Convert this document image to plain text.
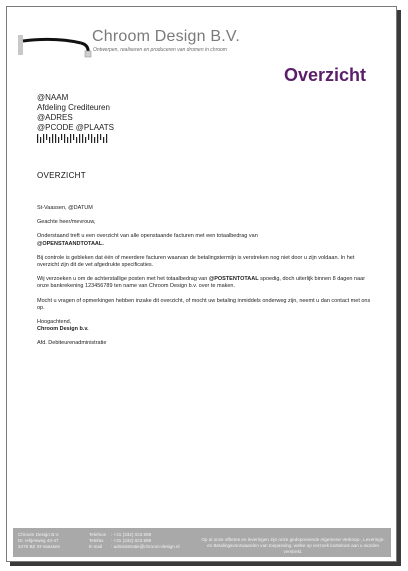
Chroom Design B.V.
Ontwerpen, realiseren en produceren van dromen in chroom
Overzicht
@NAAM
Afdeling Crediteuren
@ADRES
@PCODE @PLAATS
OVERZICHT

St-Vaassen, @DATUM

Geachte heer/mevrouw,

Onderstaand treft u een overzicht van alle openstaande facturen met een totaalbedrag van
@OPENSTAANDTOTAAL.

Bij controle is gebleken dat één of meerdere facturen waarvan de betalingstermijn is verstreken nog niet door u zijn voldaan. In het overzicht zijn dit de vet afgedrukte specificaties.

Wij verzoeken u om de achterstallige posten met het totaalbedrag van @POSTENTOTAAL spoedig, doch uiterlijk binnen 8 dagen naar onze bankrekening 123456789 ten name van Chroom Design b.v. over te maken.

Mocht u vragen of opmerkingen hebben inzake dit overzicht, of mocht uw betaling inmiddels onderweg zijn, neemt u dan contact met ons op.

Hoogachtend,
Chroom Design b.v.

Afd. Debiteurenadministratie

Chroom Design B.V.
Dr. Ieltjesweg 43-47
3476 BZ St-Vaassen
Telefoon	: +31 (332) 023 899
Telefax	: +31 (332) 023 899
E-mail	: administratie@chroom-design.nl
Op al onze offertes en leveringen zijn onze gedeponeerde Algemene Verkoop-, Leverings- en Betalingsvoorwaarden van toepassing, welke op verzoek kosteloos aan u worden verstrekt.
